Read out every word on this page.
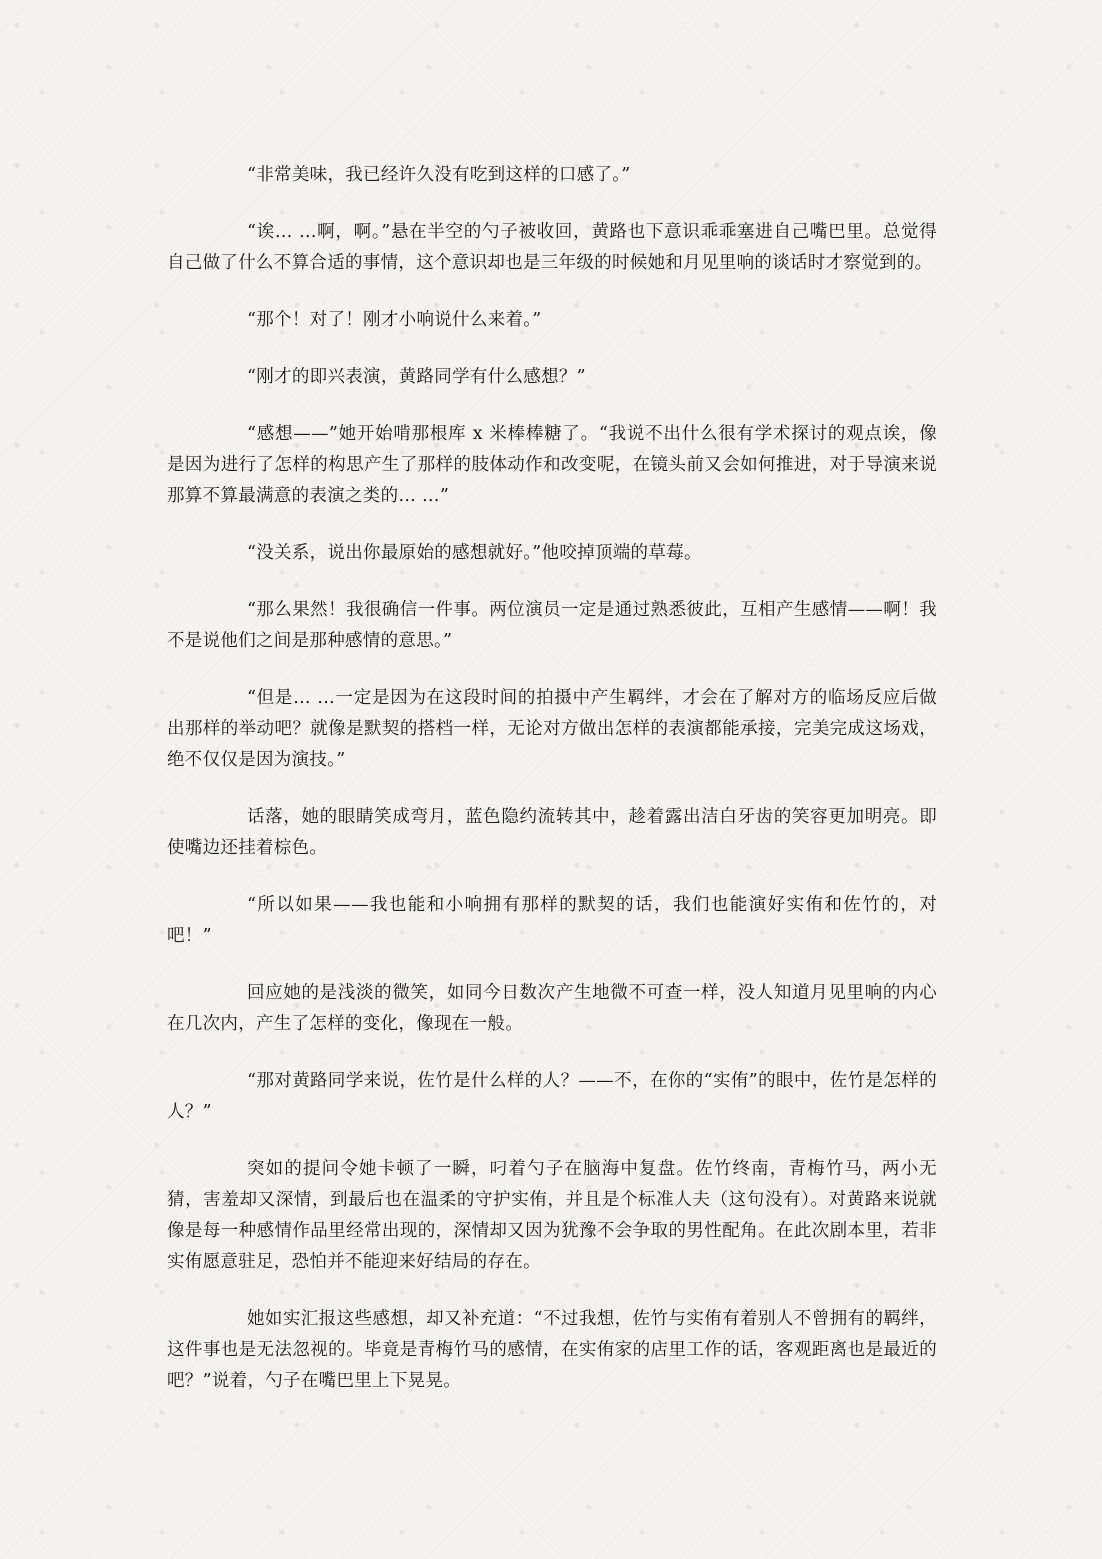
“非常美味，我已经许久没有吃到这样的口感了。”

“诶… …啊，啊。”悬在半空的勺子被收回，黄路也下意识乖乖塞进自己嘴巴里。总觉得自己做了什么不算合适的事情，这个意识却也是三年级的时候她和月见里响的谈话时才察觉到的。

“那个！对了！刚才小响说什么来着。”

“刚才的即兴表演，黄路同学有什么感想？”

“感想——”她开始啃那根库 x 米棒棒糖了。“我说不出什么很有学术探讨的观点诶，像是因为进行了怎样的构思产生了那样的肢体动作和改变呢，在镜头前又会如何推进，对于导演来说那算不算最满意的表演之类的… …”

“没关系，说出你最原始的感想就好。”他咬掉顶端的草莓。

“那么果然！我很确信一件事。两位演员一定是通过熟悉彼此，互相产生感情——啊！我不是说他们之间是那种感情的意思。”

“但是… …一定是因为在这段时间的拍摄中产生羁绊，才会在了解对方的临场反应后做出那样的举动吧？就像是默契的搭档一样，无论对方做出怎样的表演都能承接，完美完成这场戏，绝不仅仅是因为演技。”

话落，她的眼睛笑成弯月，蓝色隐约流转其中，趁着露出洁白牙齿的笑容更加明亮。即使嘴边还挂着棕色。

“所以如果——我也能和小响拥有那样的默契的话，我们也能演好实侑和佐竹的，对吧！”

回应她的是浅淡的微笑，如同今日数次产生地微不可查一样，没人知道月见里响的内心在几次内，产生了怎样的变化，像现在一般。

“那对黄路同学来说，佐竹是什么样的人？——不，在你的“实侑”的眼中，佐竹是怎样的人？”

突如的提问令她卡顿了一瞬，叼着勺子在脑海中复盘。佐竹终南，青梅竹马，两小无猜，害羞却又深情，到最后也在温柔的守护实侑，并且是个标准人夫（这句没有）。对黄路来说就像是每一种感情作品里经常出现的，深情却又因为犹豫不会争取的男性配角。在此次剧本里，若非实侑愿意驻足，恐怕并不能迎来好结局的存在。

她如实汇报这些感想，却又补充道：“不过我想，佐竹与实侑有着别人不曾拥有的羁绊，这件事也是无法忽视的。毕竟是青梅竹马的感情，在实侑家的店里工作的话，客观距离也是最近的吧？”说着，勺子在嘴巴里上下晃晃。
